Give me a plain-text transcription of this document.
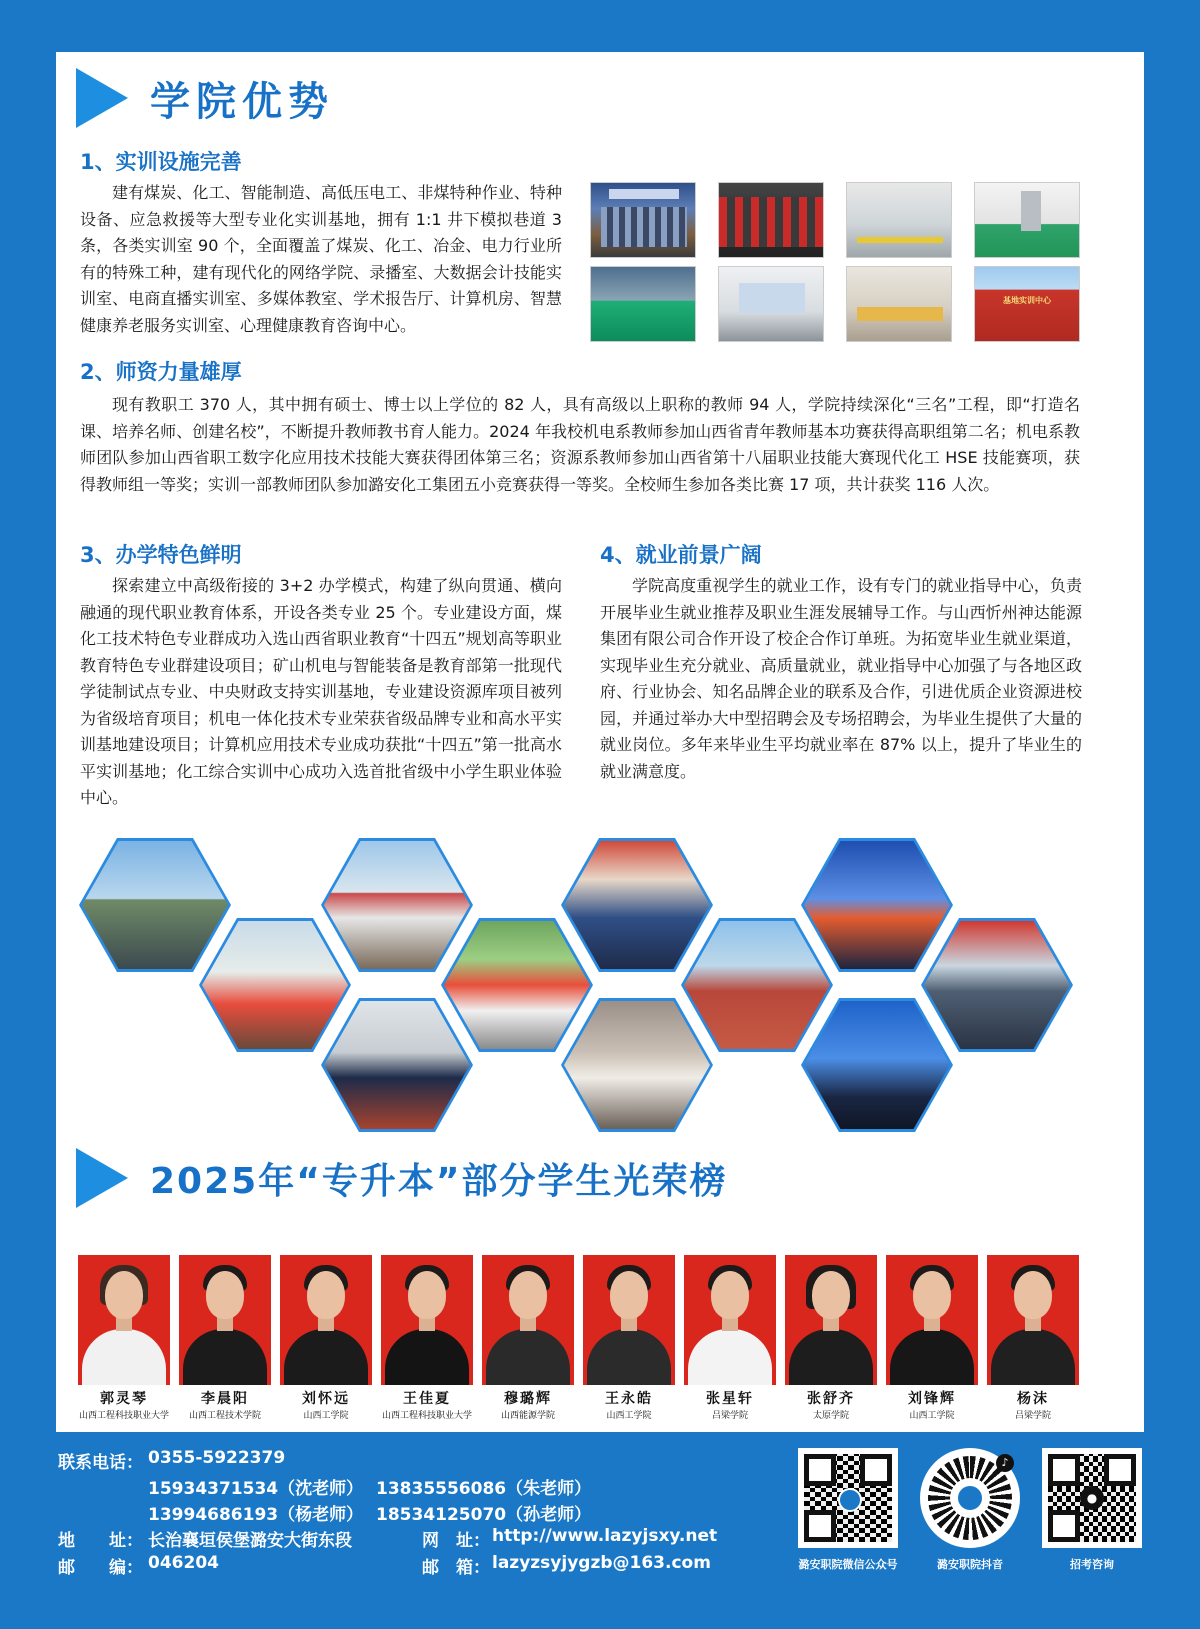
学院优势
1、实训设施完善

建有煤炭、化工、智能制造、高低压电工、非煤特种作业、特种设备、应急救援等大型专业化实训基地，拥有 1:1 井下模拟巷道 3 条，各类实训室 90 个，全面覆盖了煤炭、化工、冶金、电力行业所有的特殊工种，建有现代化的网络学院、录播室、大数据会计技能实训室、电商直播实训室、多媒体教室、学术报告厅、计算机房、智慧健康养老服务实训室、心理健康教育咨询中心。

基地实训中心
2、师资力量雄厚

现有教职工 370 人，其中拥有硕士、博士以上学位的 82 人，具有高级以上职称的教师 94 人，学院持续深化“三名”工程，即“打造名课、培养名师、创建名校”，不断提升教师教书育人能力。2024 年我校机电系教师参加山西省青年教师基本功赛获得高职组第二名；机电系教师团队参加山西省职工数字化应用技术技能大赛获得团体第三名；资源系教师参加山西省第十八届职业技能大赛现代化工 HSE 技能赛项，获得教师组一等奖；实训一部教师团队参加潞安化工集团五小竞赛获得一等奖。全校师生参加各类比赛 17 项，共计获奖 116 人次。

3、办学特色鲜明

探索建立中高级衔接的 3+2 办学模式，构建了纵向贯通、横向融通的现代职业教育体系，开设各类专业 25 个。专业建设方面，煤化工技术特色专业群成功入选山西省职业教育“十四五”规划高等职业教育特色专业群建设项目；矿山机电与智能装备是教育部第一批现代学徒制试点专业、中央财政支持实训基地，专业建设资源库项目被列为省级培育项目；机电一体化技术专业荣获省级品牌专业和高水平实训基地建设项目；计算机应用技术专业成功获批“十四五”第一批高水平实训基地；化工综合实训中心成功入选首批省级中小学生职业体验中心。

4、就业前景广阔

学院高度重视学生的就业工作，设有专门的就业指导中心，负责开展毕业生就业推荐及职业生涯发展辅导工作。与山西忻州神达能源集团有限公司合作开设了校企合作订单班。为拓宽毕业生就业渠道，实现毕业生充分就业、高质量就业，就业指导中心加强了与各地区政府、行业协会、知名品牌企业的联系及合作，引进优质企业资源进校园，并通过举办大中型招聘会及专场招聘会，为毕业生提供了大量的就业岗位。多年来毕业生平均就业率在 87% 以上，提升了毕业生的就业满意度。

2025年“专升本”部分学生光荣榜
郭灵琴
山西工程科技职业大学
李晨阳
山西工程技术学院
刘怀远
山西工学院
王佳夏
山西工程科技职业大学
穆璐辉
山西能源学院
王永皓
山西工学院
张星轩
吕梁学院
张舒齐
太原学院
刘锋辉
山西工学院
杨沫
吕梁学院
联系电话： 0355-5922379
15934371534（沈老师） 13835556086（朱老师）
13994686193（杨老师） 18534125070（孙老师）
地　　址： 长治襄垣侯堡潞安大街东段	网　址： http://www.lazyjsxy.net
邮　　编： 046204	邮　箱： lazyzsyjygzb@163.com	潞安职院微信公众号
♪
潞安职院抖音
●
招考咨询
